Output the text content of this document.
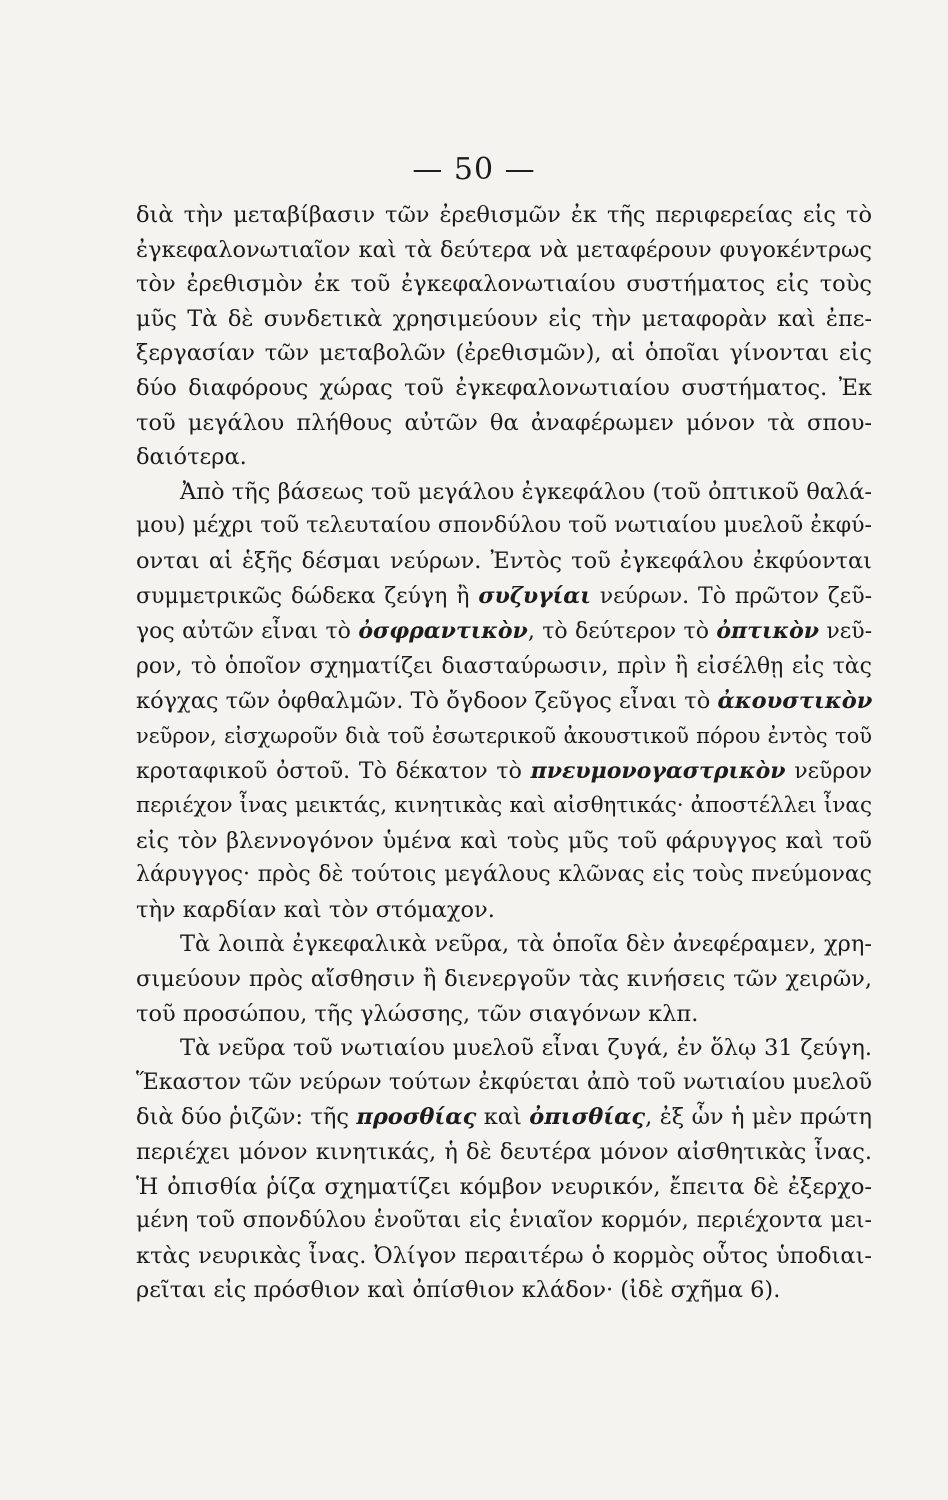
— 50 —

διὰ τὴν μεταβίβασιν τῶν ἐρεθισμῶν ἐκ τῆς περιφερείας εἰς τὸ
ἐγκεφαλονωτιαῖον καὶ τὰ δεύτερα νὰ μεταφέρουν φυγοκέντρως
τὸν ἐρεθισμὸν ἐκ τοῦ ἐγκεφαλονωτιαίου συστήματος εἰς τοὺς
μῦς Τὰ δὲ συνδετικὰ χρησιμεύουν εἰς τὴν μεταφορὰν καὶ ἐπε-
ξεργασίαν τῶν μεταβολῶν (ἐρεθισμῶν), αἱ ὁποῖαι γίνονται εἰς
δύο διαφόρους χώρας τοῦ ἐγκεφαλονωτιαίου συστήματος. Ἐκ
τοῦ μεγάλου πλήθους αὐτῶν θα ἀναφέρωμεν μόνον τὰ σπου-
δαιότερα.

Ἀπὸ τῆς βάσεως τοῦ μεγάλου ἐγκεφάλου (τοῦ ὀπτικοῦ θαλά-
μου) μέχρι τοῦ τελευταίου σπονδύλου τοῦ νωτιαίου μυελοῦ ἐκφύ-
ονται αἱ ἑξῆς δέσμαι νεύρων. Ἐντὸς τοῦ ἐγκεφάλου ἐκφύονται
συμμετρικῶς δώδεκα ζεύγη ἢ συζυγίαι νεύρων. Τὸ πρῶτον ζεῦ-
γος αὐτῶν εἶναι τὸ ὀσφραντικὸν, τὸ δεύτερον τὸ ὀπτικὸν νεῦ-
ρον, τὸ ὁποῖον σχηματίζει διασταύρωσιν, πρὶν ἢ εἰσέλθῃ εἰς τὰς
κόγχας τῶν ὀφθαλμῶν. Τὸ ὄγδοον ζεῦγος εἶναι τὸ ἀκουστικὸν
νεῦρον, εἰσχωροῦν διὰ τοῦ ἐσωτερικοῦ ἀκουστικοῦ πόρου ἐντὸς τοῦ
κροταφικοῦ ὀστοῦ. Τὸ δέκατον τὸ πνευμονογαστρικὸν νεῦρον
περιέχον ἶνας μεικτάς, κινητικὰς καὶ αἰσθητικάς· ἀποστέλλει ἶνας
εἰς τὸν βλεννογόνον ὑμένα καὶ τοὺς μῦς τοῦ φάρυγγος καὶ τοῦ
λάρυγγος· πρὸς δὲ τούτοις μεγάλους κλῶνας εἰς τοὺς πνεύμονας
τὴν καρδίαν καὶ τὸν στόμαχον.

Τὰ λοιπὰ ἐγκεφαλικὰ νεῦρα, τὰ ὁποῖα δὲν ἀνεφέραμεν, χρη-
σιμεύουν πρὸς αἴσθησιν ἢ διενεργοῦν τὰς κινήσεις τῶν χειρῶν,
τοῦ προσώπου, τῆς γλώσσης, τῶν σιαγόνων κλπ.

Τὰ νεῦρα τοῦ νωτιαίου μυελοῦ εἶναι ζυγά, ἐν ὅλῳ 31 ζεύγη.
Ἕκαστον τῶν νεύρων τούτων ἐκφύεται ἀπὸ τοῦ νωτιαίου μυελοῦ
διὰ δύο ῥιζῶν: τῆς προσθίας καὶ ὀπισθίας, ἐξ ὧν ἡ μὲν πρώτη
περιέχει μόνον κινητικάς, ἡ δὲ δευτέρα μόνον αἰσθητικὰς ἶνας.
Ἡ ὀπισθία ῥίζα σχηματίζει κόμβον νευρικόν, ἔπειτα δὲ ἐξερχο-
μένη τοῦ σπονδύλου ἑνοῦται εἰς ἑνιαῖον κορμόν, περιέχοντα μει-
κτὰς νευρικὰς ἶνας. Ὀλίγον περαιτέρω ὁ κορμὸς οὗτος ὑποδιαι-
ρεῖται εἰς πρόσθιον καὶ ὀπίσθιον κλάδον· (ἰδὲ σχῆμα 6).
